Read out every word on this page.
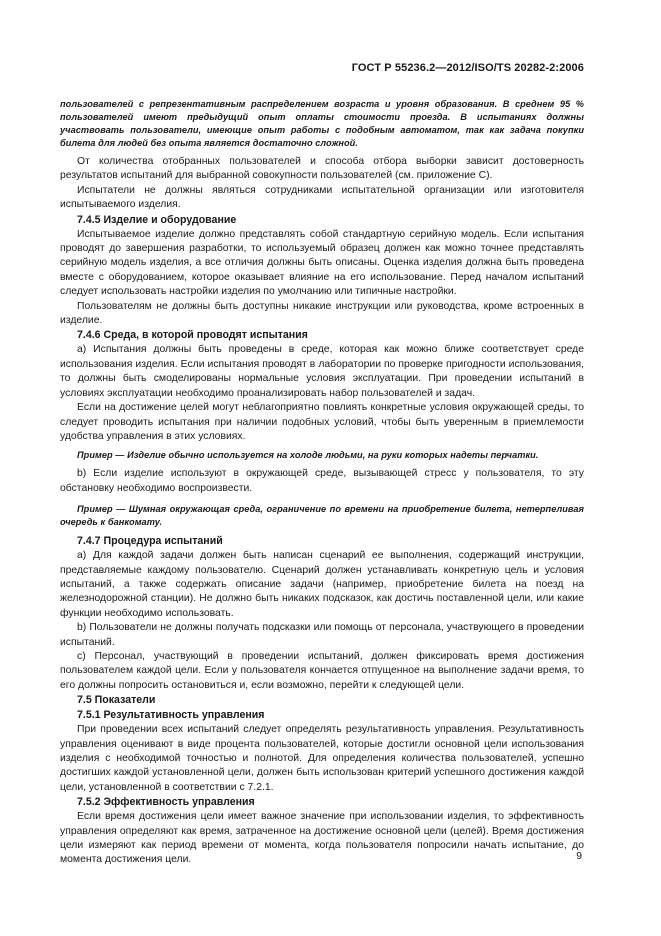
ГОСТ Р 55236.2—2012/ISO/TS 20282-2:2006

пользователей с репрезентативным распределением возраста и уровня образования. В среднем 95 % пользователей имеют предыдущий опыт оплаты стоимости проезда. В испытаниях должны участвовать пользователи, имеющие опыт работы с подобным автоматом, так как задача покупки билета для людей без опыта является достаточно сложной.

От количества отобранных пользователей и способа отбора выборки зависит достоверность результатов испытаний для выбранной совокупности пользователей (см. приложение С).

Испытатели не должны являться сотрудниками испытательной организации или изготовителя испытываемого изделия.

7.4.5 Изделие и оборудование

Испытываемое изделие должно представлять собой стандартную серийную модель. Если испытания проводят до завершения разработки, то используемый образец должен как можно точнее представлять серийную модель изделия, а все отличия должны быть описаны. Оценка изделия должна быть проведена вместе с оборудованием, которое оказывает влияние на его использование. Перед началом испытаний следует использовать настройки изделия по умолчанию или типичные настройки.

Пользователям не должны быть доступны никакие инструкции или руководства, кроме встроенных в изделие.

7.4.6 Среда, в которой проводят испытания

a) Испытания должны быть проведены в среде, которая как можно ближе соответствует среде использования изделия. Если испытания проводят в лаборатории по проверке пригодности использования, то должны быть смоделированы нормальные условия эксплуатации. При проведении испытаний в условиях эксплуатации необходимо проанализировать набор пользователей и задач.

Если на достижение целей могут неблагоприятно повлиять конкретные условия окружающей среды, то следует проводить испытания при наличии подобных условий, чтобы быть уверенным в приемлемости удобства управления в этих условиях.

Пример — Изделие обычно используется на холоде людьми, на руки которых надеты перчатки.

b) Если изделие используют в окружающей среде, вызывающей стресс у пользователя, то эту обстановку необходимо воспроизвести.

Пример — Шумная окружающая среда, ограничение по времени на приобретение билета, нетерпеливая очередь к банкомату.

7.4.7 Процедура испытаний

a) Для каждой задачи должен быть написан сценарий ее выполнения, содержащий инструкции, представляемые каждому пользователю. Сценарий должен устанавливать конкретную цель и условия испытаний, а также содержать описание задачи (например, приобретение билета на поезд на железнодорожной станции). Не должно быть никаких подсказок, как достичь поставленной цели, или какие функции необходимо использовать.

b) Пользователи не должны получать подсказки или помощь от персонала, участвующего в проведении испытаний.

c) Персонал, участвующий в проведении испытаний, должен фиксировать время достижения пользователем каждой цели. Если у пользователя кончается отпущенное на выполнение задачи время, то его должны попросить остановиться и, если возможно, перейти к следующей цели.

7.5 Показатели
7.5.1 Результативность управления

При проведении всех испытаний следует определять результативность управления. Результативность управления оценивают в виде процента пользователей, которые достигли основной цели использования изделия с необходимой точностью и полнотой. Для определения количества пользователей, успешно достигших каждой установленной цели, должен быть использован критерий успешного достижения каждой цели, установленной в соответствии с 7.2.1.

7.5.2 Эффективность управления

Если время достижения цели имеет важное значение при использовании изделия, то эффективность управления определяют как время, затраченное на достижение основной цели (целей). Время достижения цели измеряют как период времени от момента, когда пользователя попросили начать испытание, до момента достижения цели.	9
